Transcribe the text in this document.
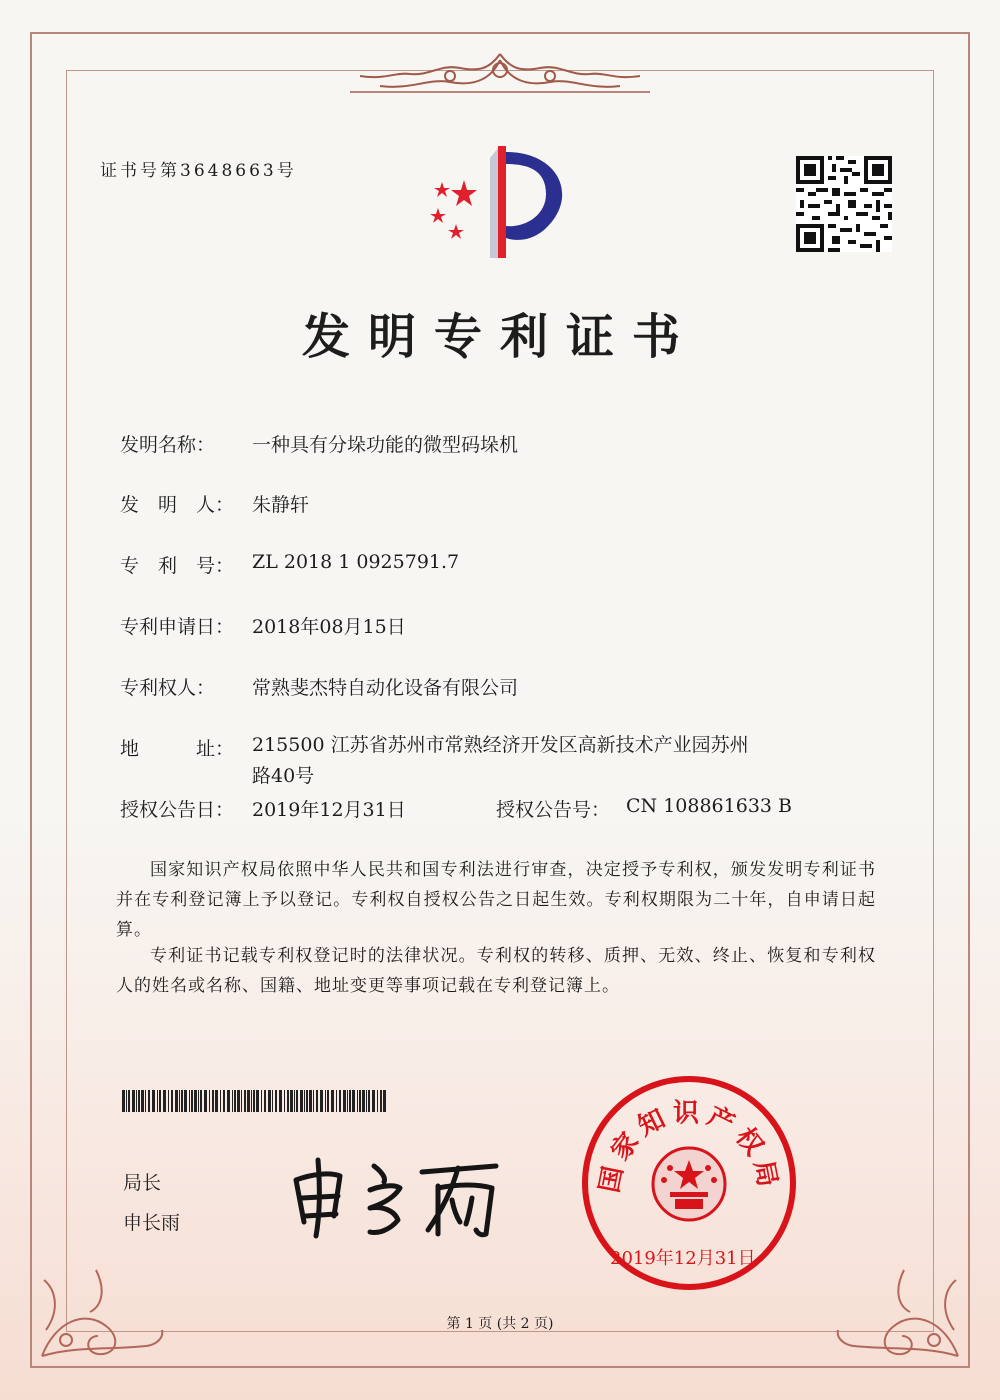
证书号第3648663号

发明专利证书
发明名称： 一种具有分垛功能的微型码垛机
发　明　人： 朱静轩
专　利　号： ZL 2018 1 0925791.7
专利申请日： 2018年08月15日
专利权人： 常熟斐杰特自动化设备有限公司
地　　　址： 215500 江苏省苏州市常熟经济开发区高新技术产业园苏州路40号
授权公告日： 2019年12月31日	授权公告号： CN 108861633 B

国家知识产权局依照中华人民共和国专利法进行审查，决定授予专利权，颁发发明专利证书并在专利登记簿上予以登记。专利权自授权公告之日起生效。专利权期限为二十年，自申请日起算。

专利证书记载专利权登记时的法律状况。专利权的转移、质押、无效、终止、恢复和专利权人的姓名或名称、国籍、地址变更等事项记载在专利登记簿上。

局长
申长雨
国家知识产权局

2019年12月31日

第 1 页 (共 2 页)
